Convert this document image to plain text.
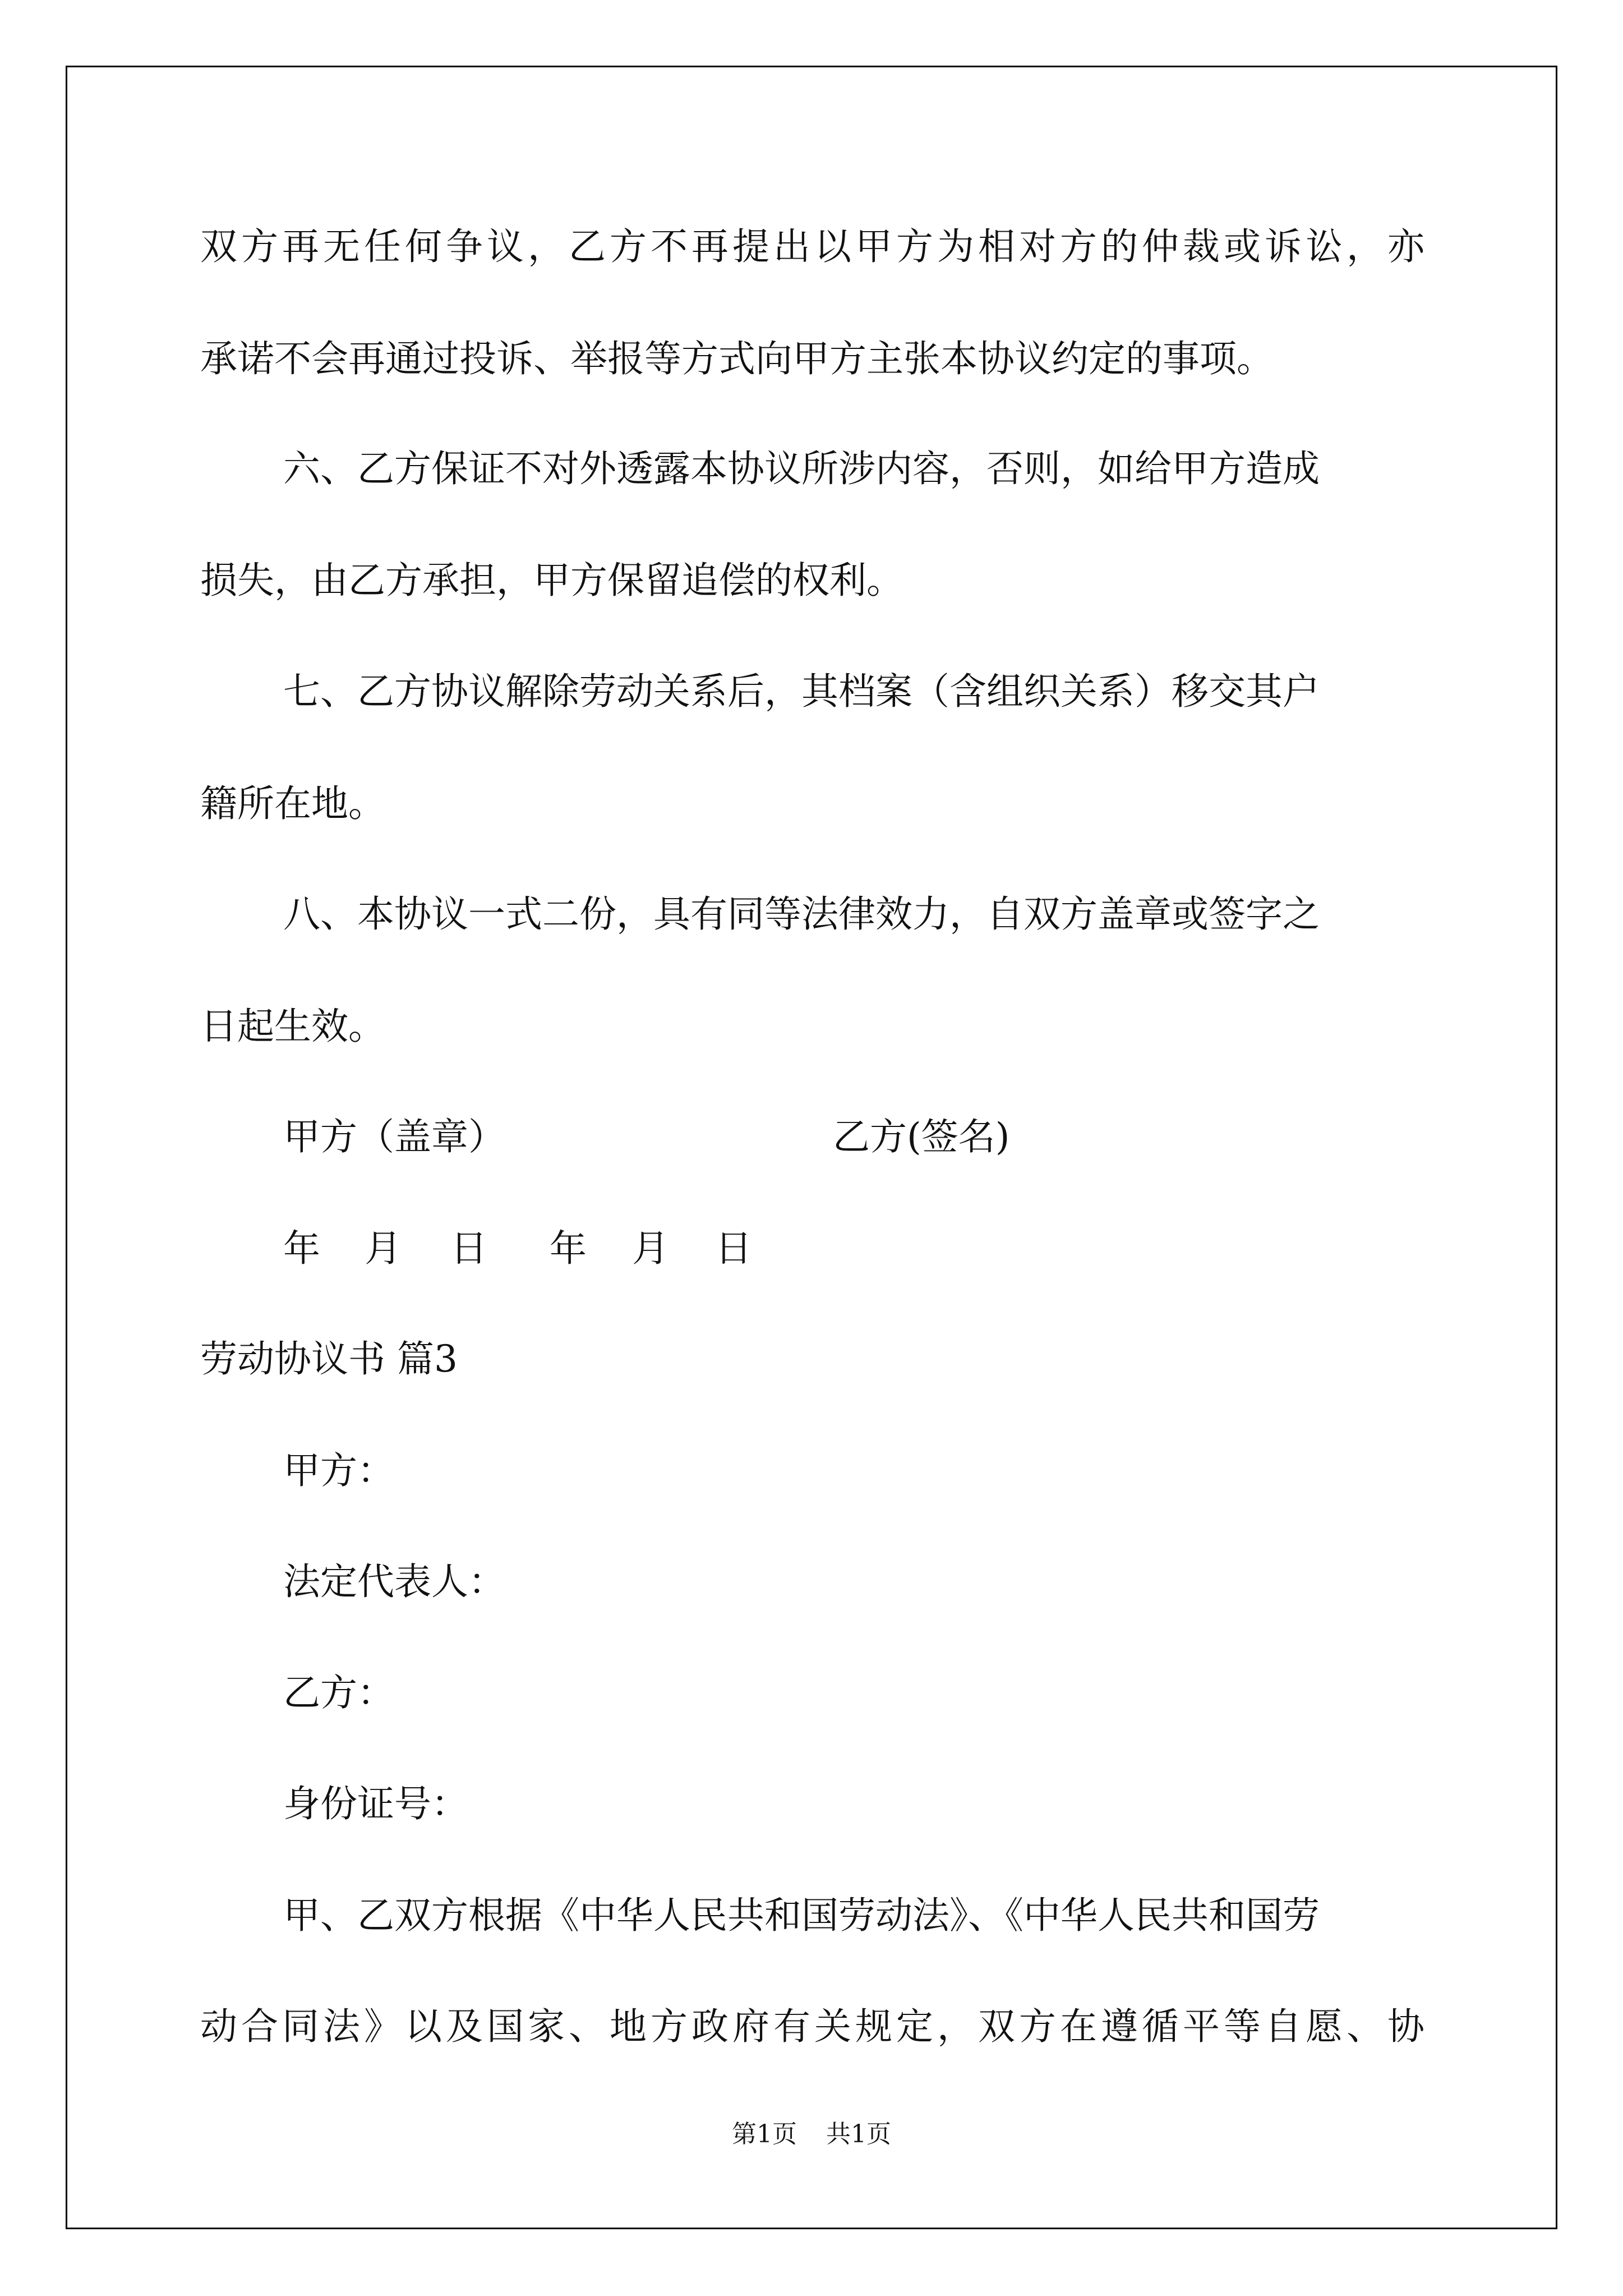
双方再无任何争议，乙方不再提出以甲方为相对方的仲裁或诉讼，亦
承诺不会再通过投诉、举报等方式向甲方主张本协议约定的事项。
六、乙方保证不对外透露本协议所涉内容，否则，如给甲方造成
损失，由乙方承担，甲方保留追偿的权利。
七、乙方协议解除劳动关系后，其档案（含组织关系）移交其户
籍所在地。
八、本协议一式二份，具有同等法律效力，自双方盖章或签字之
日起生效。
甲方（盖章）	乙方(签名)
年 月 日 年 月 日
劳动协议书 篇3
甲方：
法定代表人：
乙方：
身份证号：
甲、乙双方根据《中华人民共和国劳动法》、《中华人民共和国劳
动合同法》以及国家、地方政府有关规定，双方在遵循平等自愿、协
第1页 共1页
